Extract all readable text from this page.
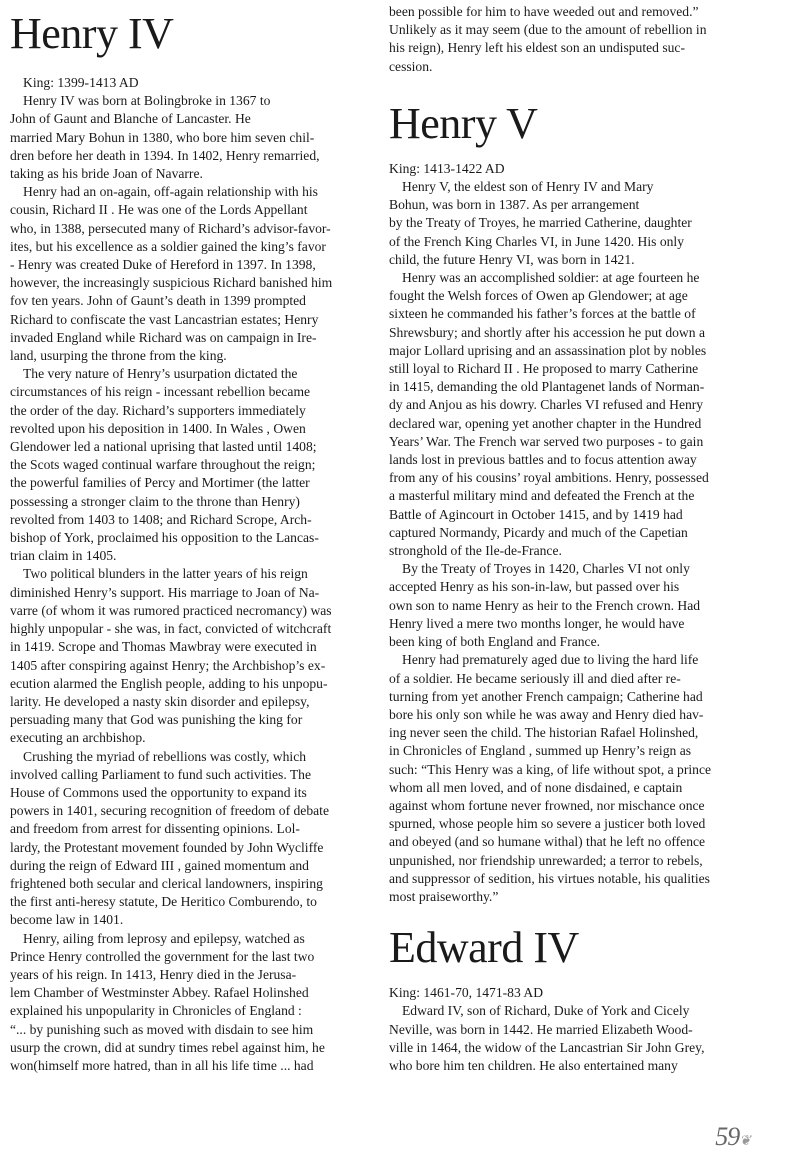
Henry IV
King: 1399-1413 AD
Henry IV was born at Bolingbroke in 1367 to
John of Gaunt and Blanche of Lancaster. He
married Mary Bohun in 1380, who bore him seven chil-
dren before her death in 1394. In 1402, Henry remarried,
taking as his bride Joan of Navarre.
Henry had an on-again, off-again relationship with his
cousin, Richard II . He was one of the Lords Appellant
who, in 1388, persecuted many of Richard’s advisor-favor-
ites, but his excellence as a soldier gained the king’s favor
- Henry was created Duke of Hereford in 1397. In 1398,
however, the increasingly suspicious Richard banished him
fov ten years. John of Gaunt’s death in 1399 prompted
Richard to confiscate the vast Lancastrian estates; Henry
invaded England while Richard was on campaign in Ire-
land, usurping the throne from the king.
The very nature of Henry’s usurpation dictated the
circumstances of his reign - incessant rebellion became
the order of the day. Richard’s supporters immediately
revolted upon his deposition in 1400. In Wales , Owen
Glendower led a national uprising that lasted until 1408;
the Scots waged continual warfare throughout the reign;
the powerful families of Percy and Mortimer (the latter
possessing a stronger claim to the throne than Henry)
revolted from 1403 to 1408; and Richard Scrope, Arch-
bishop of York, proclaimed his opposition to the Lancas-
trian claim in 1405.
Two political blunders in the latter years of his reign
diminished Henry’s support. His marriage to Joan of Na-
varre (of whom it was rumored practiced necromancy) was
highly unpopular - she was, in fact, convicted of witchcraft
in 1419. Scrope and Thomas Mawbray were executed in
1405 after conspiring against Henry; the Archbishop’s ex-
ecution alarmed the English people, adding to his unpopu-
larity. He developed a nasty skin disorder and epilepsy,
persuading many that God was punishing the king for
executing an archbishop.
Crushing the myriad of rebellions was costly, which
involved calling Parliament to fund such activities. The
House of Commons used the opportunity to expand its
powers in 1401, securing recognition of freedom of debate
and freedom from arrest for dissenting opinions. Lol-
lardy, the Protestant movement founded by John Wycliffe
during the reign of Edward III , gained momentum and
frightened both secular and clerical landowners, inspiring
the first anti-heresy statute, De Heritico Comburendo, to
become law in 1401.
Henry, ailing from leprosy and epilepsy, watched as
Prince Henry controlled the government for the last two
years of his reign. In 1413, Henry died in the Jerusa-
lem Chamber of Westminster Abbey. Rafael Holinshed
explained his unpopularity in Chronicles of England :
“... by punishing such as moved with disdain to see him
usurp the crown, did at sundry times rebel against him, he
won(himself more hatred, than in all his life time ... had
been possible for him to have weeded out and removed.”
Unlikely as it may seem (due to the amount of rebellion in
his reign), Henry left his eldest son an undisputed suc-
cession.
Henry V
King: 1413-1422 AD
Henry V, the eldest son of Henry IV and Mary
Bohun, was born in 1387. As per arrangement
by the Treaty of Troyes, he married Catherine, daughter
of the French King Charles VI, in June 1420. His only
child, the future Henry VI, was born in 1421.
Henry was an accomplished soldier: at age fourteen he
fought the Welsh forces of Owen ap Glendower; at age
sixteen he commanded his father’s forces at the battle of
Shrewsbury; and shortly after his accession he put down a
major Lollard uprising and an assassination plot by nobles
still loyal to Richard II . He proposed to marry Catherine
in 1415, demanding the old Plantagenet lands of Norman-
dy and Anjou as his dowry. Charles VI refused and Henry
declared war, opening yet another chapter in the Hundred
Years’ War. The French war served two purposes - to gain
lands lost in previous battles and to focus attention away
from any of his cousins’ royal ambitions. Henry, possessed
a masterful military mind and defeated the French at the
Battle of Agincourt in October 1415, and by 1419 had
captured Normandy, Picardy and much of the Capetian
stronghold of the Ile-de-France.
By the Treaty of Troyes in 1420, Charles VI not only
accepted Henry as his son-in-law, but passed over his
own son to name Henry as heir to the French crown. Had
Henry lived a mere two months longer, he would have
been king of both England and France.
Henry had prematurely aged due to living the hard life
of a soldier. He became seriously ill and died after re-
turning from yet another French campaign; Catherine had
bore his only son while he was away and Henry died hav-
ing never seen the child. The historian Rafael Holinshed,
in Chronicles of England , summed up Henry’s reign as
such: “This Henry was a king, of life without spot, a prince
whom all men loved, and of none disdained, e captain
against whom fortune never frowned, nor mischance once
spurned, whose people him so severe a justicer both loved
and obeyed (and so humane withal) that he left no offence
unpunished, nor friendship unrewarded; a terror to rebels,
and suppressor of sedition, his virtues notable, his qualities
most praiseworthy.”
Edward IV
King: 1461-70, 1471-83 AD
Edward IV, son of Richard, Duke of York and Cicely
Neville, was born in 1442. He married Elizabeth Wood-
ville in 1464, the widow of the Lancastrian Sir John Grey,
who bore him ten children. He also entertained many
59❦
